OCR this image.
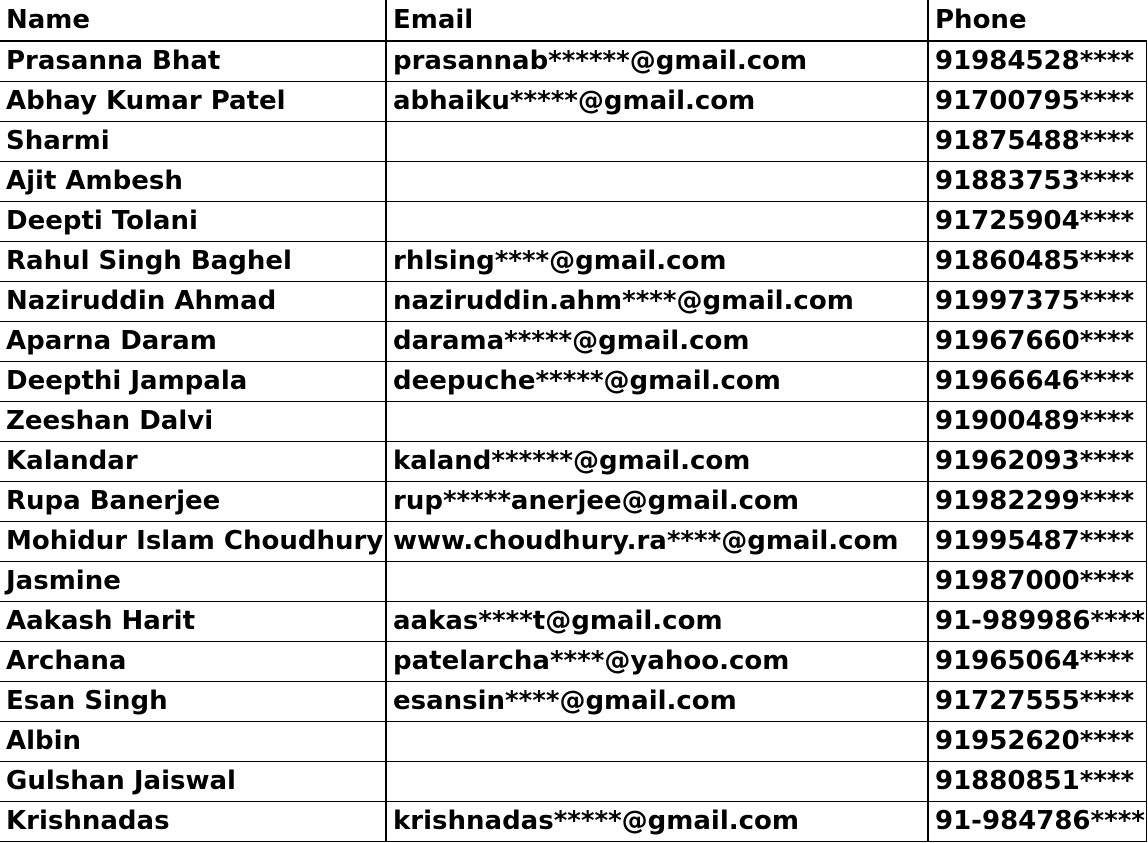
Name	Email	Phone
Prasanna Bhat	prasannab******@gmail.com	91984528****
Abhay Kumar Patel	abhaiku*****@gmail.com	91700795****
Sharmi		91875488****
Ajit Ambesh		91883753****
Deepti Tolani		91725904****
Rahul Singh Baghel	rhlsing****@gmail.com	91860485****
Naziruddin Ahmad	naziruddin.ahm****@gmail.com	91997375****
Aparna Daram	darama*****@gmail.com	91967660****
Deepthi Jampala	deepuche*****@gmail.com	91966646****
Zeeshan Dalvi		91900489****
Kalandar	kaland******@gmail.com	91962093****
Rupa Banerjee	rup*****anerjee@gmail.com	91982299****
Mohidur Islam Choudhury	www.choudhury.ra****@gmail.com	91995487****
Jasmine		91987000****
Aakash Harit	aakas****t@gmail.com	91-989986****
Archana	patelarcha****@yahoo.com	91965064****
Esan Singh	esansin****@gmail.com	91727555****
Albin		91952620****
Gulshan Jaiswal		91880851****
Krishnadas	krishnadas*****@gmail.com	91-984786****
